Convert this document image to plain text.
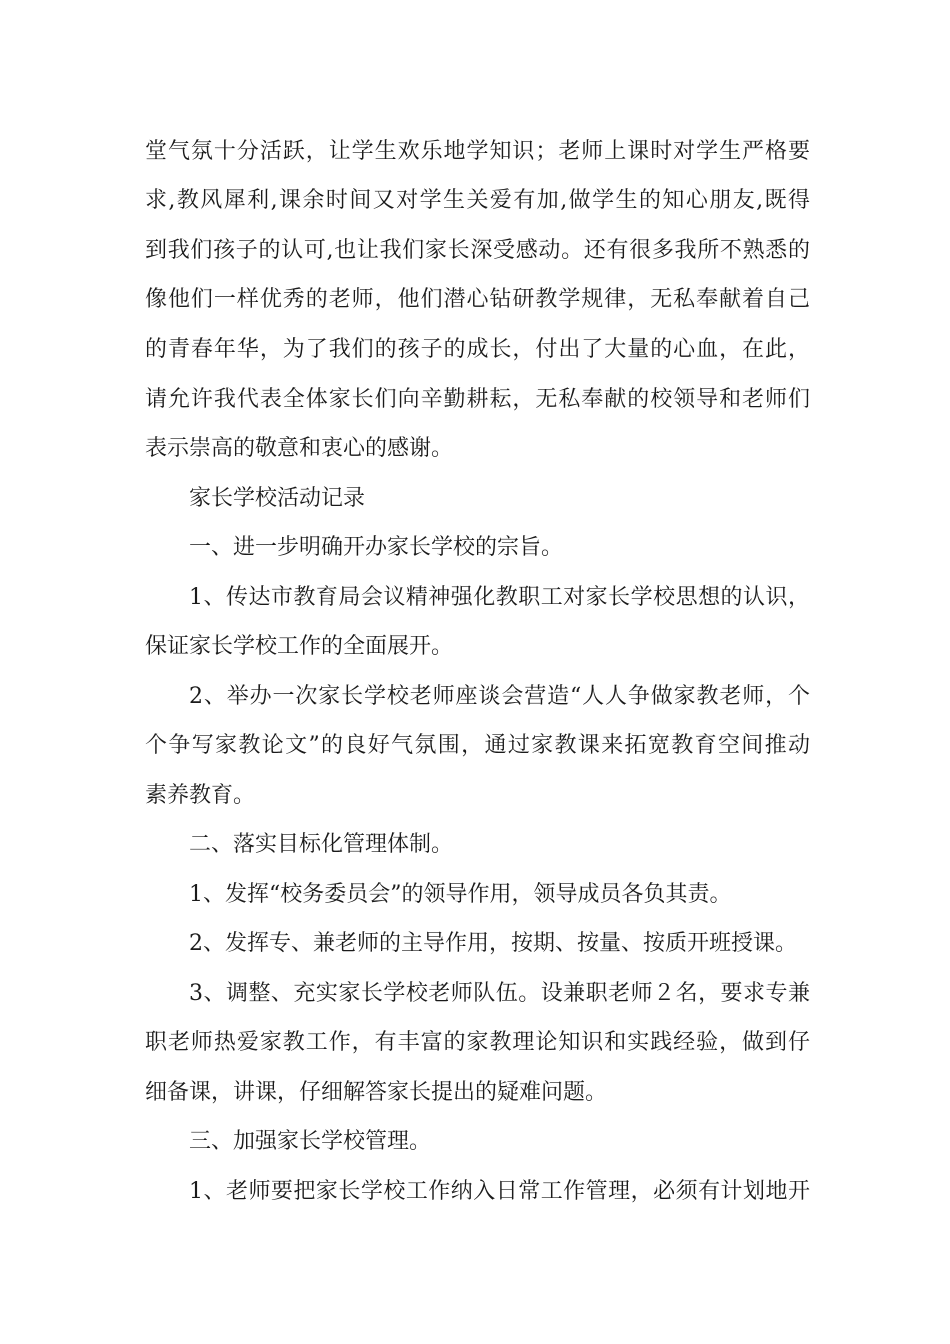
堂气氛十分活跃，让学生欢乐地学知识；老师上课时对学生严格要
求,教风犀利,课余时间又对学生关爱有加,做学生的知心朋友,既得
到我们孩子的认可,也让我们家长深受感动。还有很多我所不熟悉的
像他们一样优秀的老师，他们潜心钻研教学规律，无私奉献着自己
的青春年华，为了我们的孩子的成长，付出了大量的心血，在此，
请允许我代表全体家长们向辛勤耕耘，无私奉献的校领导和老师们
表示崇高的敬意和衷心的感谢。
家长学校活动记录
一、进一步明确开办家长学校的宗旨。
1、传达市教育局会议精神强化教职工对家长学校思想的认识，
保证家长学校工作的全面展开。
2、举办一次家长学校老师座谈会营造“人人争做家教老师，个
个争写家教论文”的良好气氛围，通过家教课来拓宽教育空间推动
素养教育。
二、落实目标化管理体制。
1、发挥“校务委员会”的领导作用，领导成员各负其责。
2、发挥专、兼老师的主导作用，按期、按量、按质开班授课。
3、调整、充实家长学校老师队伍。设兼职老师２名，要求专兼
职老师热爱家教工作，有丰富的家教理论知识和实践经验，做到仔
细备课，讲课，仔细解答家长提出的疑难问题。
三、加强家长学校管理。
1、老师要把家长学校工作纳入日常工作管理，必须有计划地开
